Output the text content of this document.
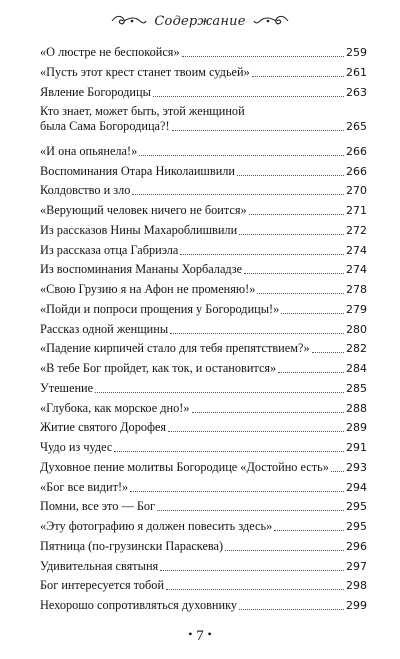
Содержание
«О люстре не беспокойся»	259
«Пусть этот крест станет твоим судьей»	261
Явление Богородицы	263
Кто знает, может быть, этой женщиной
была Сама Богородица?!	265
«И она опьянела!»	266
Воспоминания Отара Николаишвили	266
Колдовство и зло	270
«Верующий человек ничего не боится»	271
Из рассказов Нины Махароблишвили	272
Из рассказа отца Габриэла	274
Из воспоминания Мананы Хорбаладзе	274
«Свою Грузию я на Афон не променяю!»	278
«Пойди и попроси прощения у Богородицы!»	279
Рассказ одной женщины	280
«Падение кирпичей стало для тебя препятствием?»	282
«В тебе Бог пройдет, как ток, и остановится»	284
Утешение	285
«Глубока, как морское дно!»	288
Житие святого Дорофея	289
Чудо из чудес	291
Духовное пение молитвы Богородице «Достойно есть» 293
«Бог все видит!»	294
Помни, все это — Бог	295
«Эту фотографию я должен повесить здесь»	295
Пятница (по-грузински Параскева)	296
Удивительная святыня	297
Бог интересуется тобой	298
Нехорошо сопротивляться духовнику	299
• 7 •
